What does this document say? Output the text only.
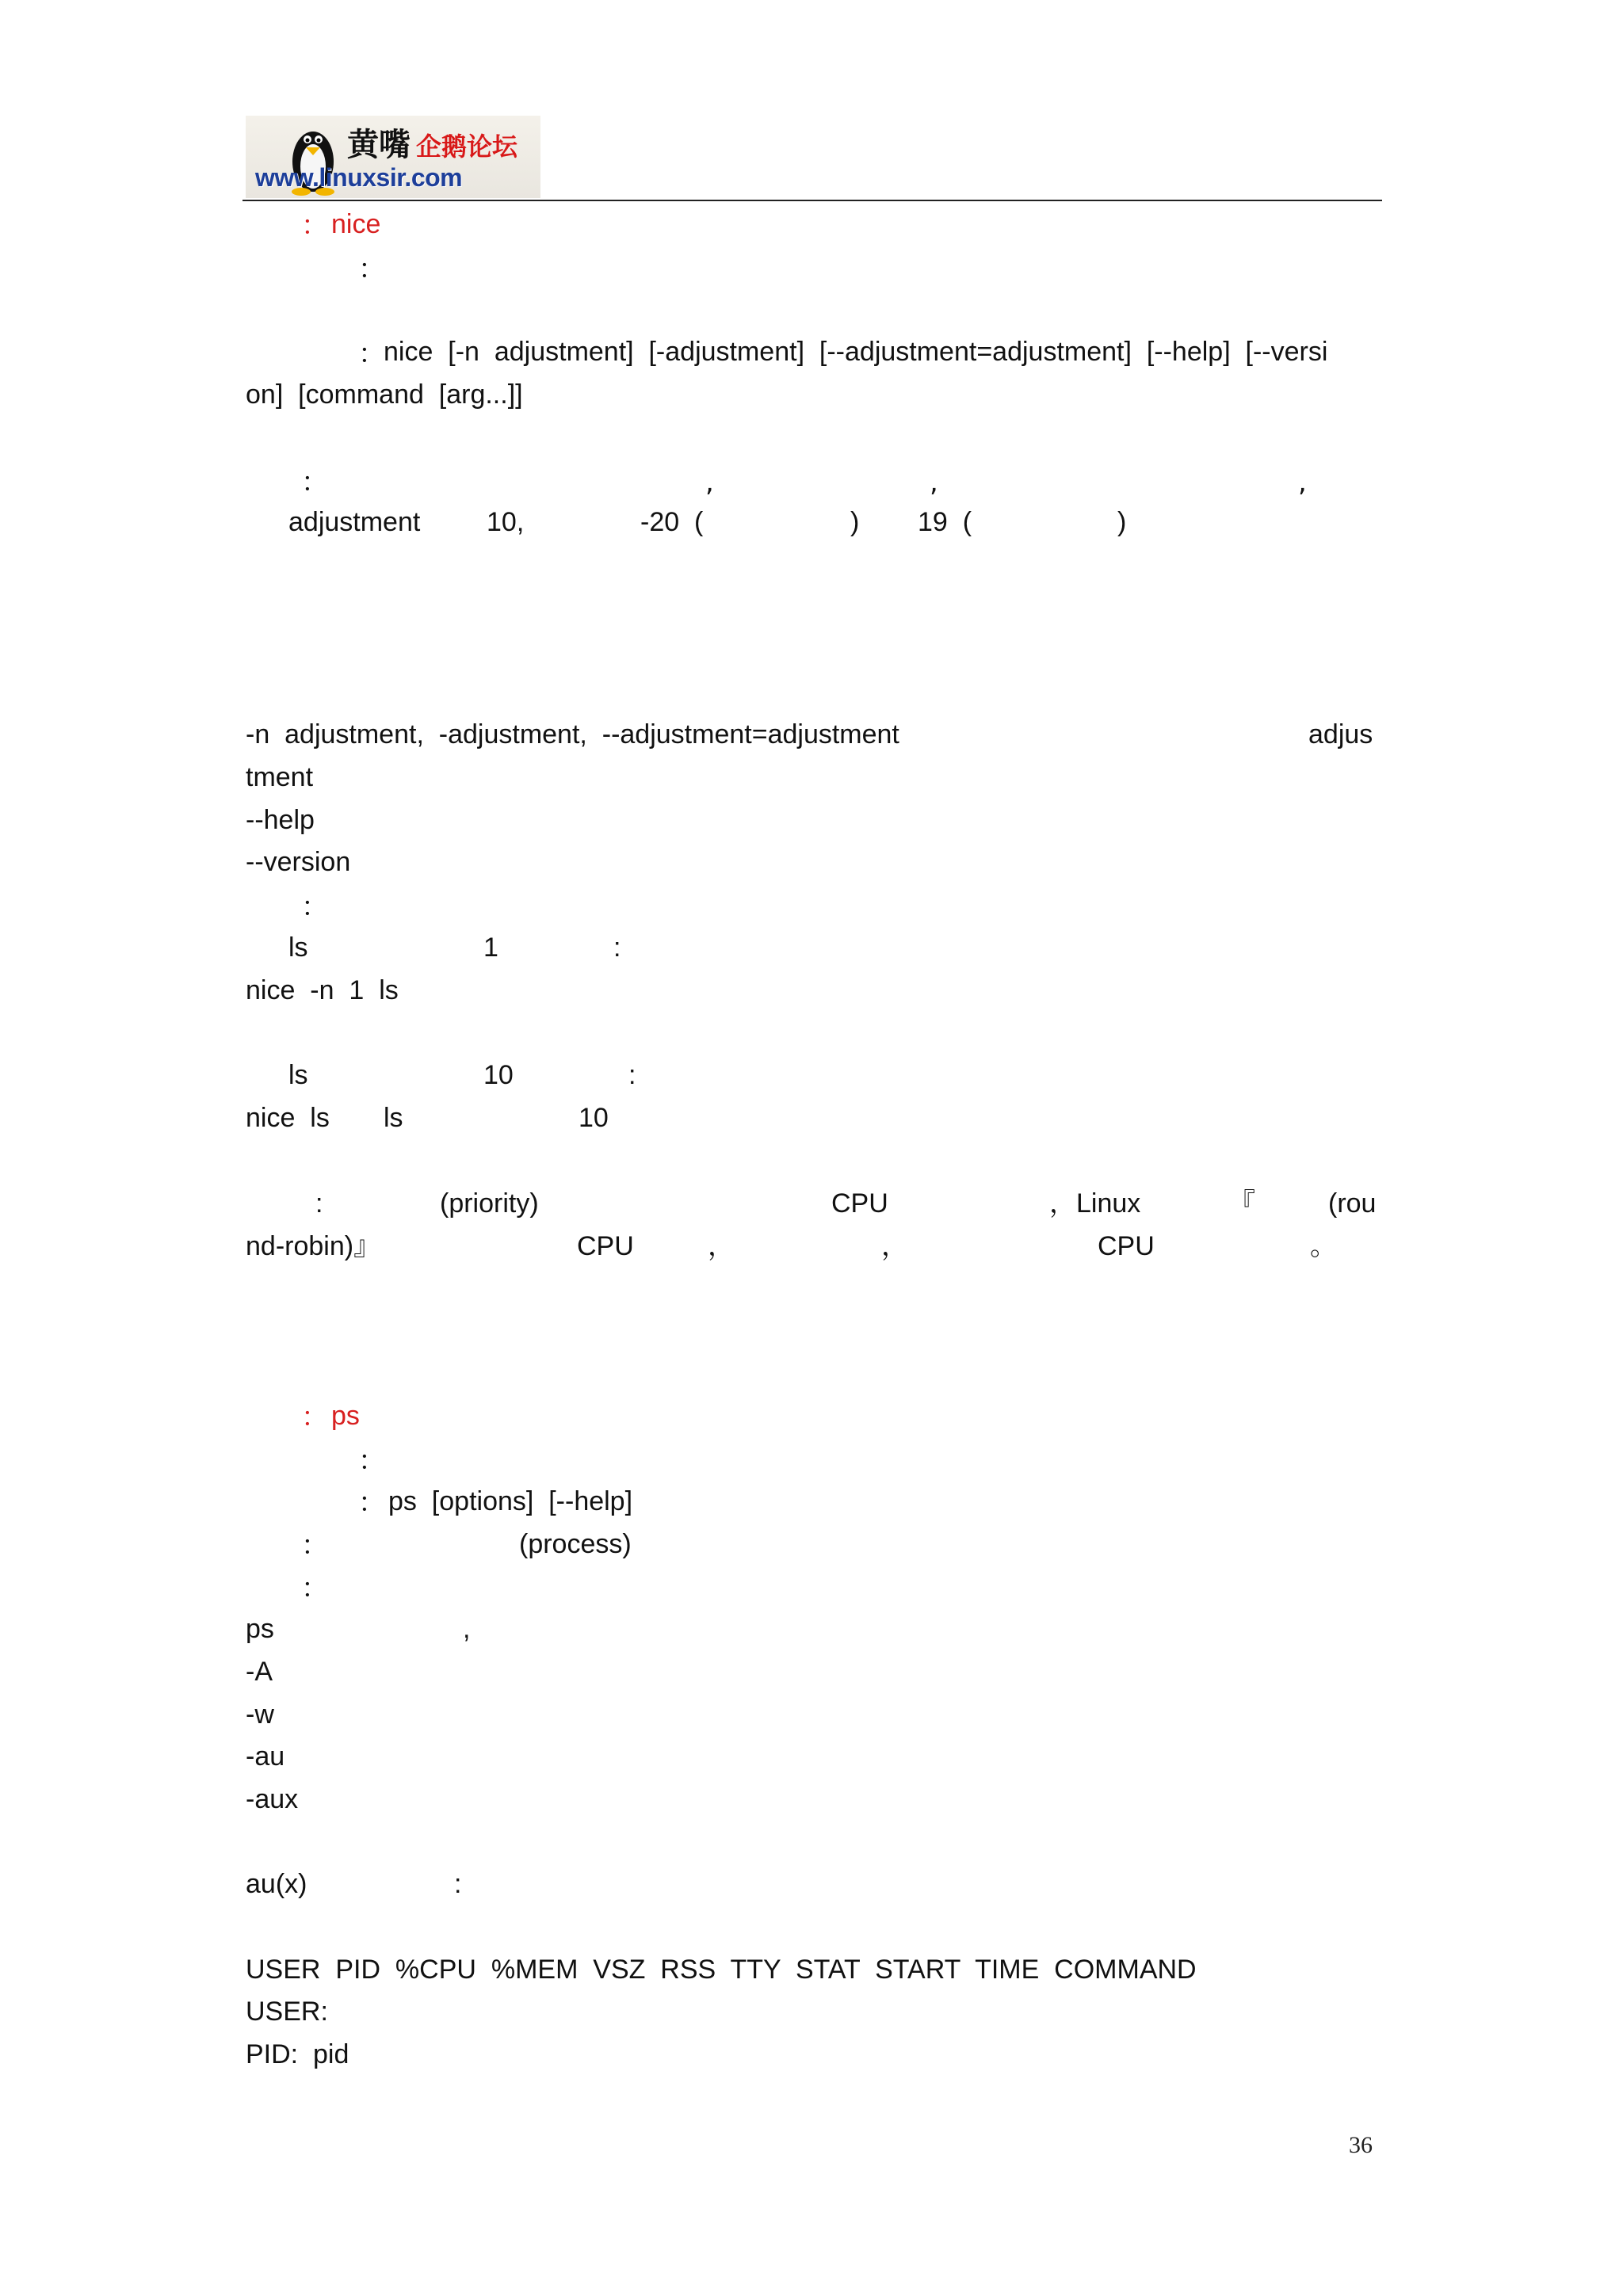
黄嘴 企鹅论坛
www.linuxsir.com
： nice
：
：
nice  [-n  adjustment]  [-adjustment]  [--adjustment=adjustment]  [--help]  [--versi
on]  [command  [arg...]]
：	,	,	,
adjustment 10,	-20  (	) 19  (	)
-n  adjustment,  -adjustment,  --adjustment=adjustment	adjus
tment
--help
--version
：
ls	1	:
nice  -n  1  ls
ls	10	:
nice  ls ls	10
:	(priority)	CPU	，Linux	『	(rou
nd-robin)』	CPU	，	，	CPU	。
： ps
：
： ps  [options]  [--help]
：	(process)
：
ps	,
-A
-w
-au
-aux
au(x)	:
USER  PID  %CPU  %MEM  VSZ  RSS  TTY  STAT  START  TIME  COMMAND
USER:
PID:  pid
36
